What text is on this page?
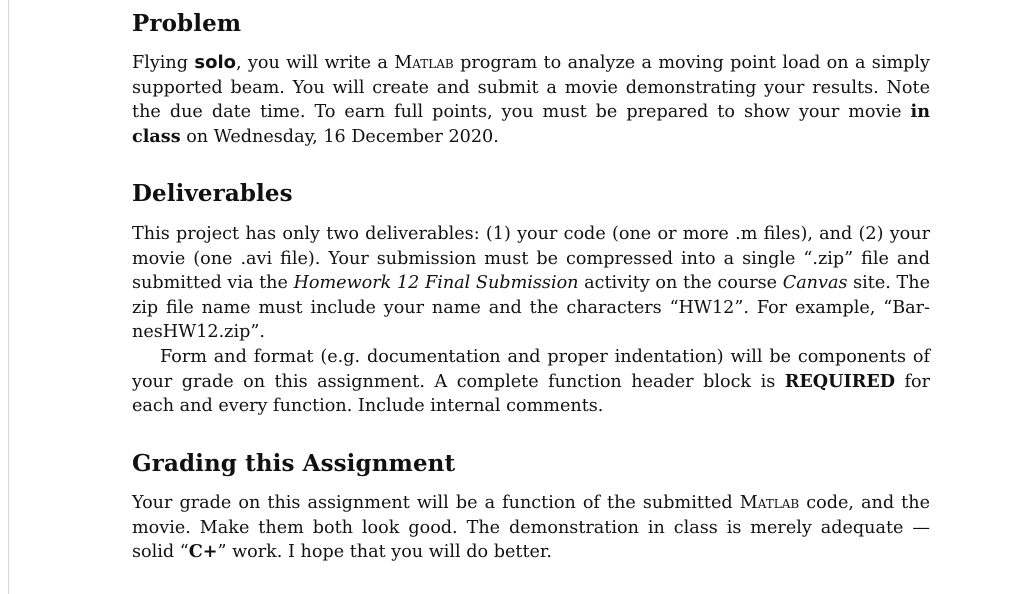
Problem

Flying solo, you will write a Matlab program to analyze a moving point load on a simply supported beam. You will create and submit a movie demonstrating your results. Note the due date time. To earn full points, you must be prepared to show your movie in class on Wednesday, 16 December 2020.

Deliverables

This project has only two deliverables: (1) your code (one or more .m files), and (2) your movie (one .avi file). Your submission must be compressed into a single “.zip” file and submitted via the Homework 12 Final Submission activity on the course Canvas site. The zip file name must include your name and the characters “HW12”. For example, “Bar-nesHW12.zip”.

Form and format (e.g. documentation and proper indentation) will be components of your grade on this assignment. A complete function header block is REQUIRED for each and every function. Include internal comments.

Grading this Assignment

Your grade on this assignment will be a function of the submitted Matlab code, and the movie. Make them both look good. The demonstration in class is merely adequate — solid “C+” work. I hope that you will do better.
